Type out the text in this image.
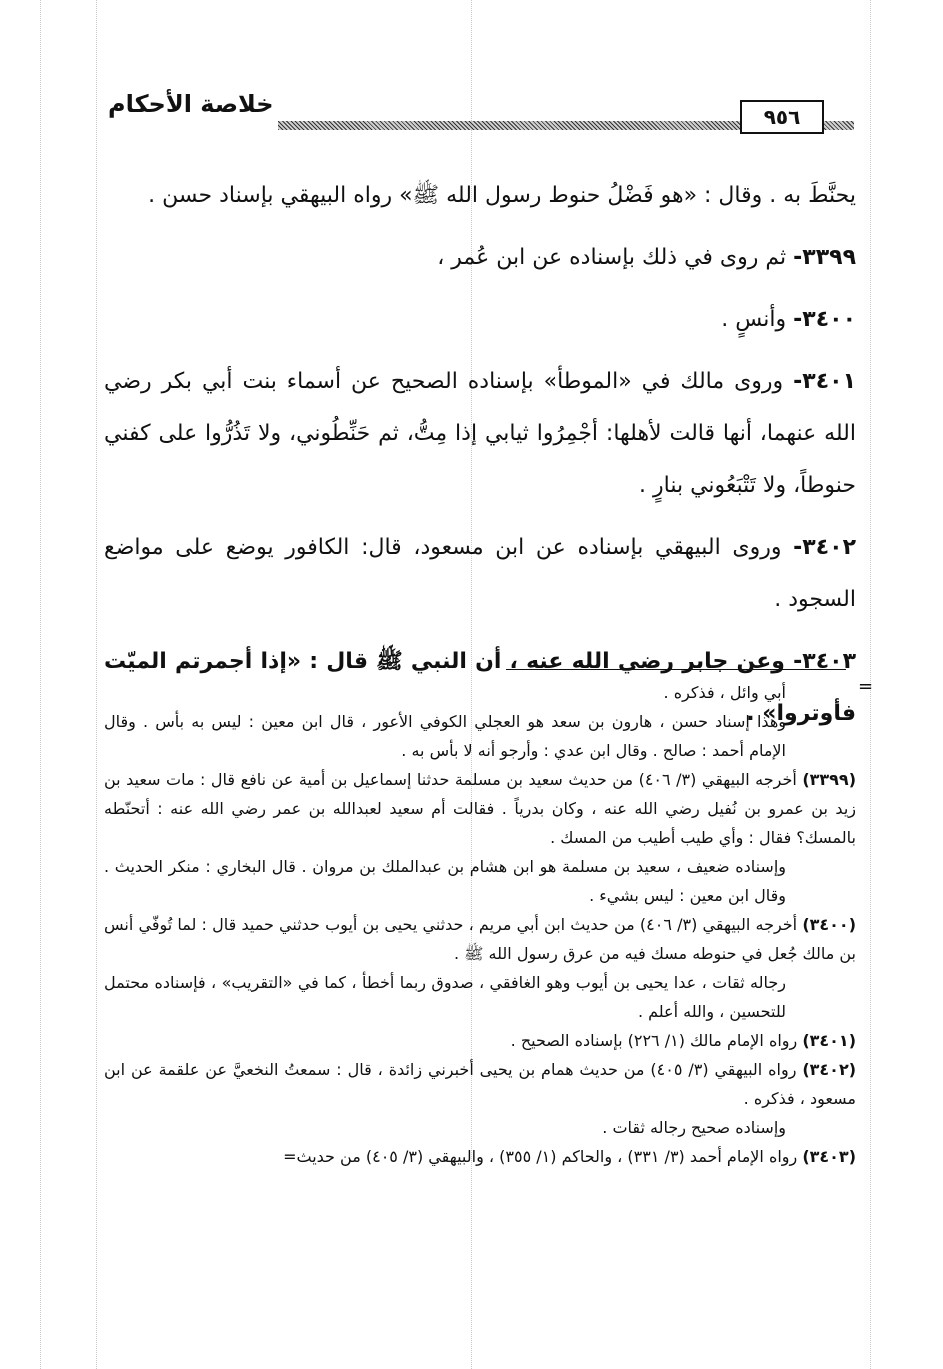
خلاصة الأحكام	٩٥٦

يحنَّطَ به . وقال : «هو فَضْلُ حنوط رسول الله ﷺ» رواه البيهقي بإسناد حسن .

٣٣٩٩- ثم روى في ذلك بإسناده عن ابن عُمر ،

٣٤٠٠- وأنسٍ .

٣٤٠١- وروى مالك في «الموطأ» بإسناده الصحيح عن أسماء بنت أبي بكر رضي الله عنهما، أنها قالت لأهلها: أجْمِرُوا ثيابي إذا مِتُّ، ثم حَنِّطُوني، ولا تَذُرُّوا على كفني حنوطاً، ولا تَتْبَعُوني بنارٍ .

٣٤٠٢- وروى البيهقي بإسناده عن ابن مسعود، قال: الكافور يوضع على مواضع السجود .

٣٤٠٣- وعن جابر رضي الله عنه ، أن النبي ﷺ قال : «إذا أجمرتم الميّت فأوتروا» .

=

أبي وائل ، فذكره .

وهذا إسناد حسن ، هارون بن سعد هو العجلي الكوفي الأعور ، قال ابن معين : ليس به بأس . وقال الإمام أحمد : صالح . وقال ابن عدي : وأرجو أنه لا بأس به .

(٣٣٩٩) أخرجه البيهقي (٣/ ٤٠٦) من حديث سعيد بن مسلمة حدثنا إسماعيل بن أمية عن نافع قال : مات سعيد بن زيد بن عمرو بن نُفيل رضي الله عنه ، وكان بدرياً . فقالت أم سعيد لعبدالله بن عمر رضي الله عنه : أتحنّطه بالمسك؟ فقال : وأي طيب أطيب من المسك .

وإسناده ضعيف ، سعيد بن مسلمة هو ابن هشام بن عبدالملك بن مروان . قال البخاري : منكر الحديث . وقال ابن معين : ليس بشيء .

(٣٤٠٠) أخرجه البيهقي (٣/ ٤٠٦) من حديث ابن أبي مريم ، حدثني يحيى بن أيوب حدثني حميد قال : لما تُوفّي أنس بن مالك جُعل في حنوطه مسك فيه من عرق رسول الله ﷺ .

رجاله ثقات ، عدا يحيى بن أيوب وهو الغافقي ، صدوق ربما أخطأ ، كما في «التقريب» ، فإسناده محتمل للتحسين ، والله أعلم .

(٣٤٠١) رواه الإمام مالك (١/ ٢٢٦) بإسناده الصحيح .

(٣٤٠٢) رواه البيهقي (٣/ ٤٠٥) من حديث همام بن يحيى أخبرني زائدة ، قال : سمعتُ النخعيَّ عن علقمة عن ابن مسعود ، فذكره .

وإسناده صحيح رجاله ثقات .

(٣٤٠٣) رواه الإمام أحمد (٣/ ٣٣١) ، والحاكم (١/ ٣٥٥) ، والبيهقي (٣/ ٤٠٥) من حديث=
